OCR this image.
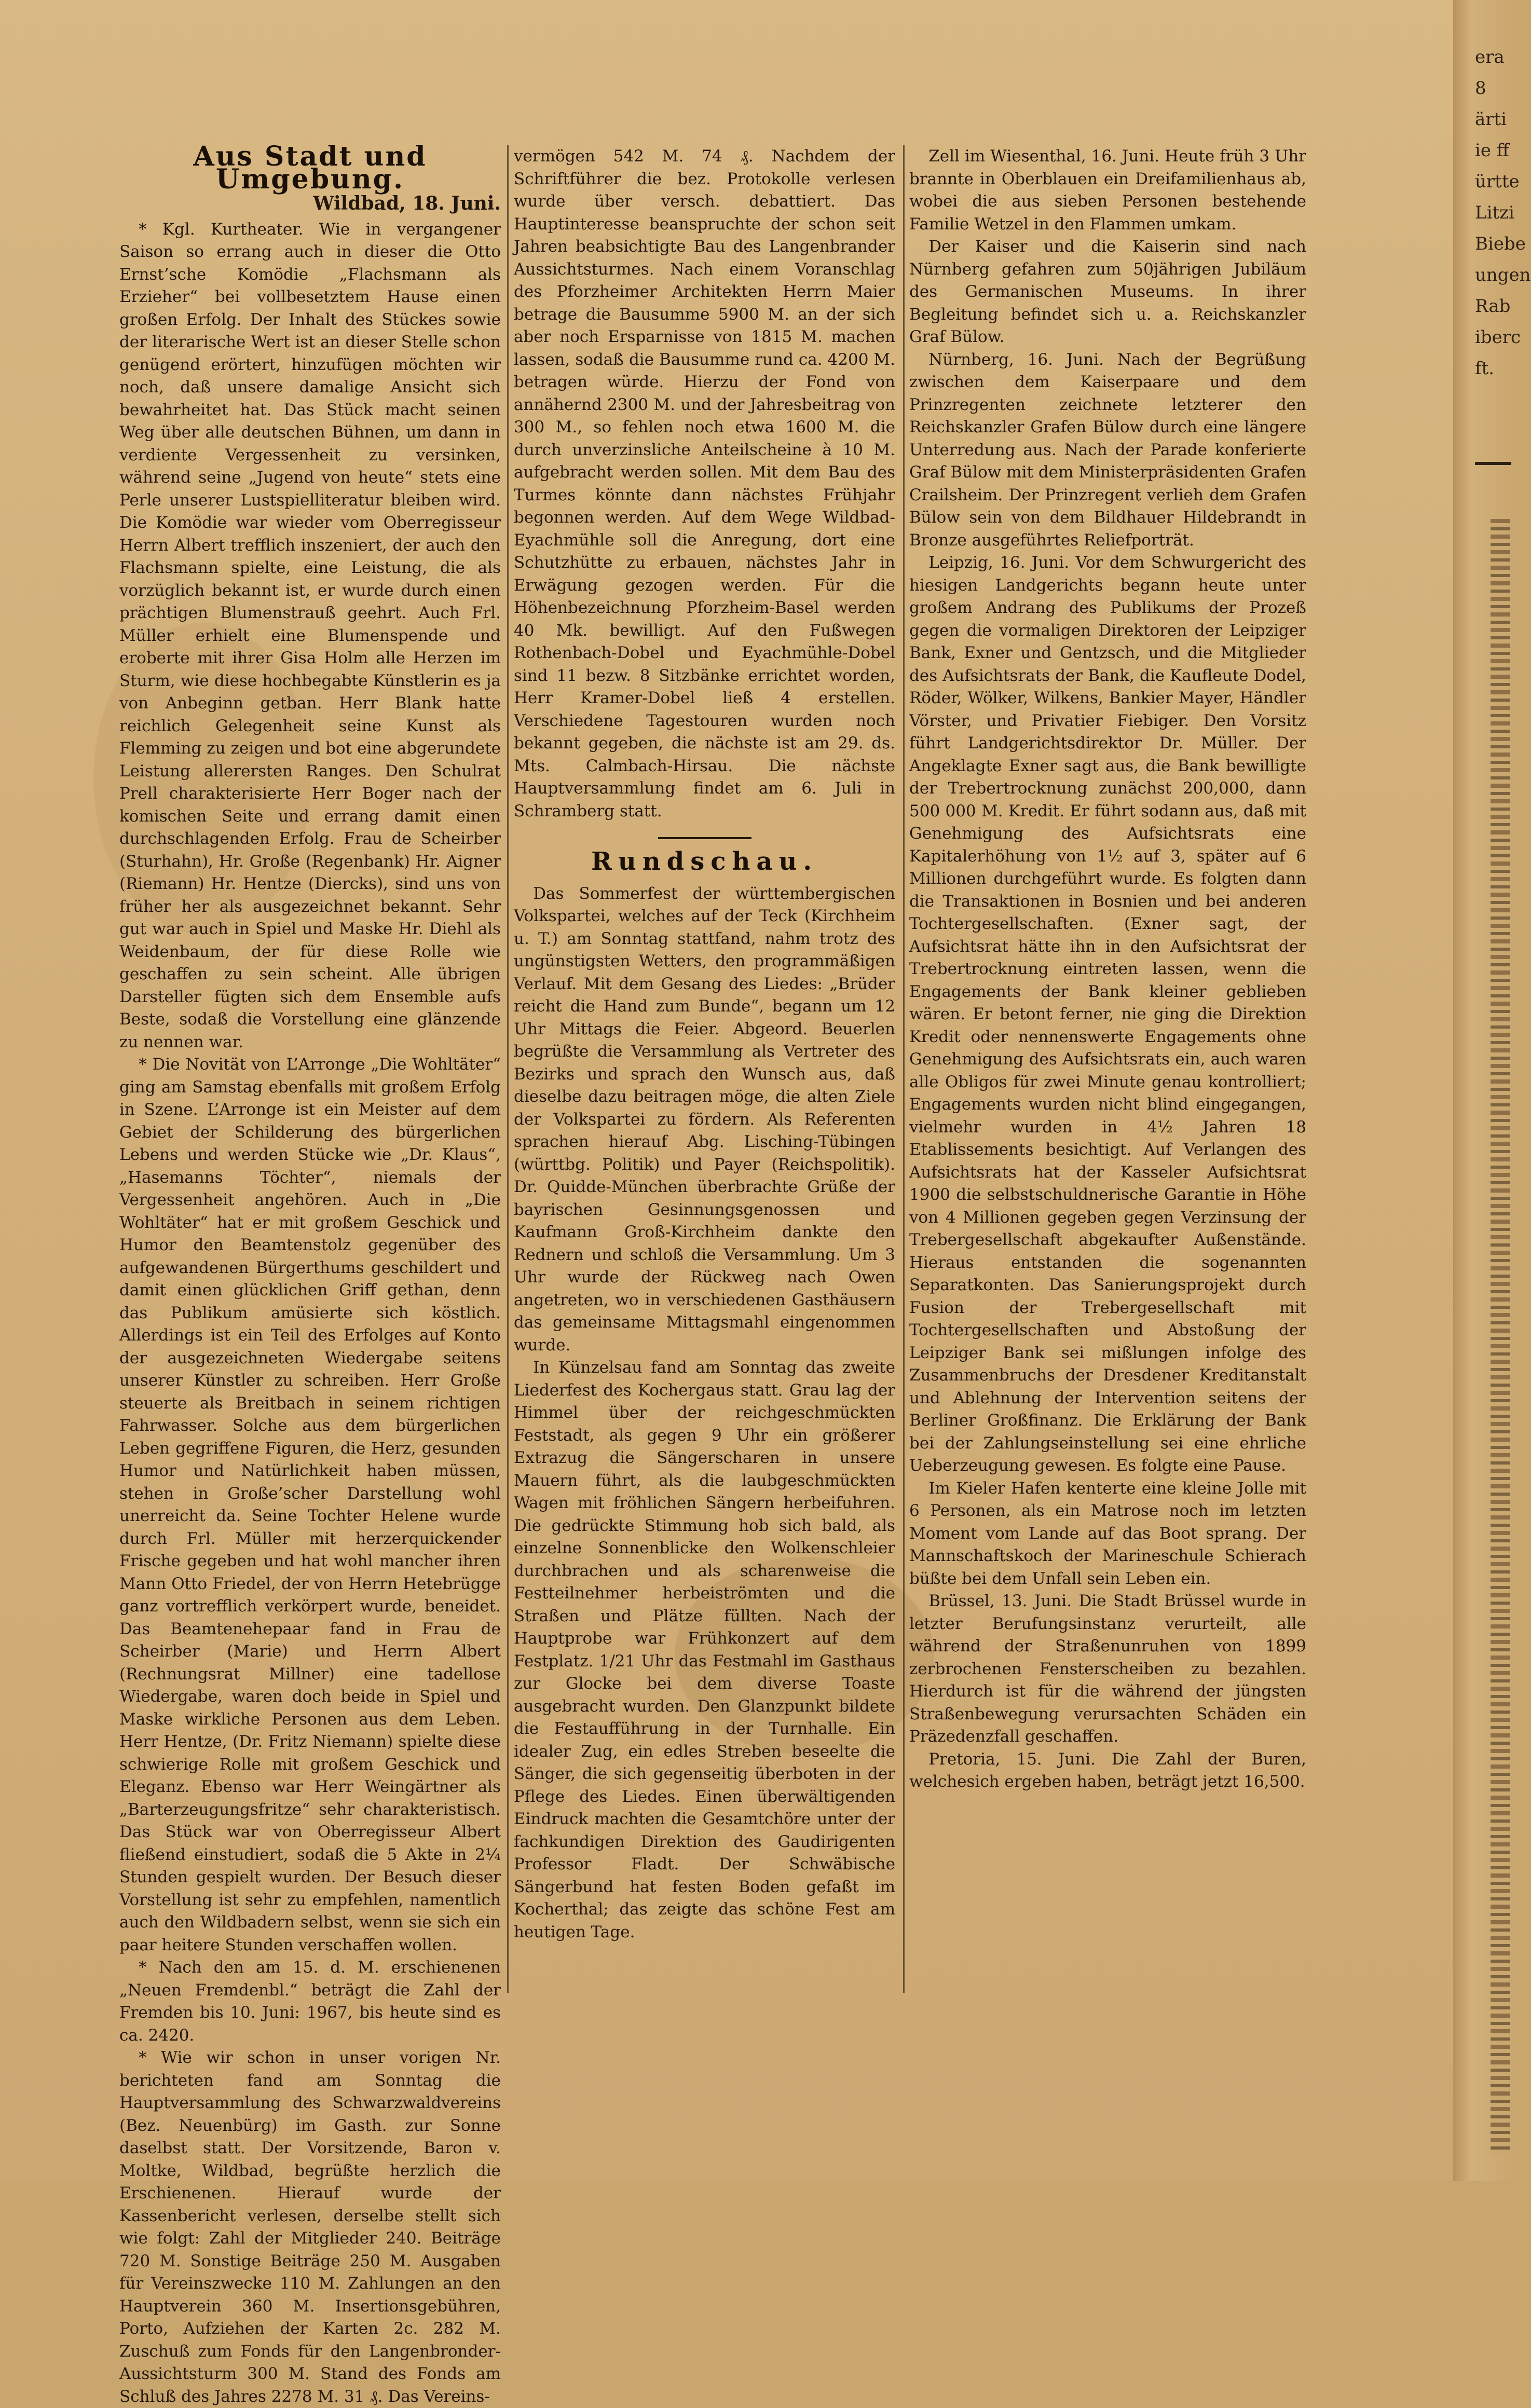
era
8
ärti
ie ff
ürtte
Litzi
Biebe
ungen
Rab
iberc
ft.
Aus Stadt und Umgebung.
Wildbad, 18. Juni.

* Kgl. Kurtheater. Wie in vergangener Saison so errang auch in dieser die Otto Ernst’sche Komödie „Flachsmann als Erzieher“ bei vollbesetztem Hause einen großen Erfolg. Der Inhalt des Stückes sowie der literarische Wert ist an dieser Stelle schon genügend erörtert, hinzufügen möchten wir noch, daß unsere damalige Ansicht sich bewahrheitet hat. Das Stück macht seinen Weg über alle deutschen Bühnen, um dann in verdiente Vergessenheit zu versinken, während seine „Jugend von heute“ stets eine Perle unserer Lustspielliteratur bleiben wird. Die Komödie war wieder vom Oberregisseur Herrn Albert trefflich inszeniert, der auch den Flachsmann spielte, eine Leistung, die als vorzüglich bekannt ist, er wurde durch einen prächtigen Blumenstrauß geehrt. Auch Frl. Müller erhielt eine Blumenspende und eroberte mit ihrer Gisa Holm alle Herzen im Sturm, wie diese hochbegabte Künstlerin es ja von Anbeginn getban. Herr Blank hatte reichlich Gelegenheit seine Kunst als Flemming zu zeigen und bot eine abgerundete Leistung allerersten Ranges. Den Schulrat Prell charakterisierte Herr Boger nach der komischen Seite und errang damit einen durchschlagenden Erfolg. Frau de Scheirber (Sturhahn), Hr. Große (Regenbank) Hr. Aigner (Riemann) Hr. Hentze (Diercks), sind uns von früher her als ausgezeichnet bekannt. Sehr gut war auch in Spiel und Maske Hr. Diehl als Weidenbaum, der für diese Rolle wie geschaffen zu sein scheint. Alle übrigen Darsteller fügten sich dem Ensemble aufs Beste, sodaß die Vorstellung eine glänzende zu nennen war.

* Die Novität von L’Arronge „Die Wohltäter“ ging am Samstag ebenfalls mit großem Erfolg in Szene. L’Arronge ist ein Meister auf dem Gebiet der Schilderung des bürgerlichen Lebens und werden Stücke wie „Dr. Klaus“, „Hasemanns Töchter“, niemals der Vergessenheit angehören. Auch in „Die Wohltäter“ hat er mit großem Geschick und Humor den Beamtenstolz gegenüber des aufgewandenen Bürgerthums geschildert und damit einen glücklichen Griff gethan, denn das Publikum amüsierte sich köstlich. Allerdings ist ein Teil des Erfolges auf Konto der ausgezeichneten Wiedergabe seitens unserer Künstler zu schreiben. Herr Große steuerte als Breitbach in seinem richtigen Fahrwasser. Solche aus dem bürgerlichen Leben gegriffene Figuren, die Herz, gesunden Humor und Natürlichkeit haben müssen, stehen in Große’scher Darstellung wohl unerreicht da. Seine Tochter Helene wurde durch Frl. Müller mit herzerquickender Frische gegeben und hat wohl mancher ihren Mann Otto Friedel, der von Herrn Hetebrügge ganz vortrefflich verkörpert wurde, beneidet. Das Beamtenehepaar fand in Frau de Scheirber (Marie) und Herrn Albert (Rechnungsrat Millner) eine tadellose Wiedergabe, waren doch beide in Spiel und Maske wirkliche Personen aus dem Leben. Herr Hentze, (Dr. Fritz Niemann) spielte diese schwierige Rolle mit großem Geschick und Eleganz. Ebenso war Herr Weingärtner als „Barterzeugungsfritze“ sehr charakteristisch. Das Stück war von Oberregisseur Albert fließend einstudiert, sodaß die 5 Akte in 2¼ Stunden gespielt wurden. Der Besuch dieser Vorstellung ist sehr zu empfehlen, namentlich auch den Wildbadern selbst, wenn sie sich ein paar heitere Stunden verschaffen wollen.

* Nach den am 15. d. M. erschienenen „Neuen Fremdenbl.“ beträgt die Zahl der Fremden bis 10. Juni: 1967, bis heute sind es ca. 2420.

* Wie wir schon in unser vorigen Nr. berichteten fand am Sonntag die Hauptversammlung des Schwarzwaldvereins (Bez. Neuenbürg) im Gasth. zur Sonne daselbst statt. Der Vorsitzende, Baron v. Moltke, Wildbad, begrüßte herzlich die Erschienenen. Hierauf wurde der Kassenbericht verlesen, derselbe stellt sich wie folgt: Zahl der Mitglieder 240. Beiträge 720 M. Sonstige Beiträge 250 M. Ausgaben für Vereinszwecke 110 M. Zahlungen an den Hauptverein 360 M. Insertionsgebühren, Porto, Aufziehen der Karten 2c. 282 M. Zuschuß zum Fonds für den Langenbronder-Aussichtsturm 300 M. Stand des Fonds am Schluß des Jahres 2278 M. 31 ₰. Das Vereins-

vermögen 542 M. 74 ₰. Nachdem der Schriftführer die bez. Protokolle verlesen wurde über versch. debattiert. Das Hauptinteresse beanspruchte der schon seit Jahren beabsichtigte Bau des Langenbrander Aussichtsturmes. Nach einem Voranschlag des Pforzheimer Architekten Herrn Maier betrage die Bausumme 5900 M. an der sich aber noch Ersparnisse von 1815 M. machen lassen, sodaß die Bausumme rund ca. 4200 M. betragen würde. Hierzu der Fond von annähernd 2300 M. und der Jahresbeitrag von 300 M., so fehlen noch etwa 1600 M. die durch unverzinsliche Anteilscheine à 10 M. aufgebracht werden sollen. Mit dem Bau des Turmes könnte dann nächstes Frühjahr begonnen werden. Auf dem Wege Wildbad-Eyachmühle soll die Anregung, dort eine Schutzhütte zu erbauen, nächstes Jahr in Erwägung gezogen werden. Für die Höhenbezeichnung Pforzheim-Basel werden 40 Mk. bewilligt. Auf den Fußwegen Rothenbach-Dobel und Eyachmühle-Dobel sind 11 bezw. 8 Sitzbänke errichtet worden, Herr Kramer-Dobel ließ 4 erstellen. Verschiedene Tagestouren wurden noch bekannt gegeben, die nächste ist am 29. ds. Mts. Calmbach-Hirsau. Die nächste Hauptversammlung findet am 6. Juli in Schramberg statt.

Rundschau.

Das Sommerfest der württembergischen Volkspartei, welches auf der Teck (Kirchheim u. T.) am Sonntag stattfand, nahm trotz des ungünstigsten Wetters, den programmäßigen Verlauf. Mit dem Gesang des Liedes: „Brüder reicht die Hand zum Bunde“, begann um 12 Uhr Mittags die Feier. Abgeord. Beuerlen begrüßte die Versammlung als Vertreter des Bezirks und sprach den Wunsch aus, daß dieselbe dazu beitragen möge, die alten Ziele der Volkspartei zu fördern. Als Referenten sprachen hierauf Abg. Lisching-Tübingen (württbg. Politik) und Payer (Reichspolitik). Dr. Quidde-München überbrachte Grüße der bayrischen Gesinnungsgenossen und Kaufmann Groß-Kirchheim dankte den Rednern und schloß die Versammlung. Um 3 Uhr wurde der Rückweg nach Owen angetreten, wo in verschiedenen Gasthäusern das gemeinsame Mittagsmahl eingenommen wurde.

In Künzelsau fand am Sonntag das zweite Liederfest des Kochergaus statt. Grau lag der Himmel über der reichgeschmückten Feststadt, als gegen 9 Uhr ein größerer Extrazug die Sängerscharen in unsere Mauern führt, als die laubgeschmückten Wagen mit fröhlichen Sängern herbeifuhren. Die gedrückte Stimmung hob sich bald, als einzelne Sonnenblicke den Wolkenschleier durchbrachen und als scharenweise die Festteilnehmer herbeiströmten und die Straßen und Plätze füllten. Nach der Hauptprobe war Frühkonzert auf dem Festplatz. 1/21 Uhr das Festmahl im Gasthaus zur Glocke bei dem diverse Toaste ausgebracht wurden. Den Glanzpunkt bildete die Festaufführung in der Turnhalle. Ein idealer Zug, ein edles Streben beseelte die Sänger, die sich gegenseitig überboten in der Pflege des Liedes. Einen überwältigenden Eindruck machten die Gesamtchöre unter der fachkundigen Direktion des Gaudirigenten Professor Fladt. Der Schwäbische Sängerbund hat festen Boden gefaßt im Kocherthal; das zeigte das schöne Fest am heutigen Tage.

Zell im Wiesenthal, 16. Juni. Heute früh 3 Uhr brannte in Oberblauen ein Dreifamilienhaus ab, wobei die aus sieben Personen bestehende Familie Wetzel in den Flammen umkam.

Der Kaiser und die Kaiserin sind nach Nürnberg gefahren zum 50jährigen Jubiläum des Germanischen Museums. In ihrer Begleitung befindet sich u. a. Reichskanzler Graf Bülow.

Nürnberg, 16. Juni. Nach der Begrüßung zwischen dem Kaiserpaare und dem Prinzregenten zeichnete letzterer den Reichskanzler Grafen Bülow durch eine längere Unterredung aus. Nach der Parade konferierte Graf Bülow mit dem Ministerpräsidenten Grafen Crailsheim. Der Prinzregent verlieh dem Grafen Bülow sein von dem Bildhauer Hildebrandt in Bronze ausgeführtes Reliefporträt.

Leipzig, 16. Juni. Vor dem Schwurgericht des hiesigen Landgerichts begann heute unter großem Andrang des Publikums der Prozeß gegen die vormaligen Direktoren der Leipziger Bank, Exner und Gentzsch, und die Mitglieder des Aufsichtsrats der Bank, die Kaufleute Dodel, Röder, Wölker, Wilkens, Bankier Mayer, Händler Vörster, und Privatier Fiebiger. Den Vorsitz führt Landgerichtsdirektor Dr. Müller. Der Angeklagte Exner sagt aus, die Bank bewilligte der Trebertrocknung zunächst 200,000, dann 500 000 M. Kredit. Er führt sodann aus, daß mit Genehmigung des Aufsichtsrats eine Kapitalerhöhung von 1½ auf 3, später auf 6 Millionen durchgeführt wurde. Es folgten dann die Transaktionen in Bosnien und bei anderen Tochtergesellschaften. (Exner sagt, der Aufsichtsrat hätte ihn in den Aufsichtsrat der Trebertrocknung eintreten lassen, wenn die Engagements der Bank kleiner geblieben wären. Er betont ferner, nie ging die Direktion Kredit oder nennenswerte Engagements ohne Genehmigung des Aufsichtsrats ein, auch waren alle Obligos für zwei Minute genau kontrolliert; Engagements wurden nicht blind eingegangen, vielmehr wurden in 4½ Jahren 18 Etablissements besichtigt. Auf Verlangen des Aufsichtsrats hat der Kasseler Aufsichtsrat 1900 die selbstschuldnerische Garantie in Höhe von 4 Millionen gegeben gegen Verzinsung der Trebergesellschaft abgekaufter Außenstände. Hieraus entstanden die sogenannten Separatkonten. Das Sanierungsprojekt durch Fusion der Trebergesellschaft mit Tochtergesellschaften und Abstoßung der Leipziger Bank sei mißlungen infolge des Zusammenbruchs der Dresdener Kreditanstalt und Ablehnung der Intervention seitens der Berliner Großfinanz. Die Erklärung der Bank bei der Zahlungseinstellung sei eine ehrliche Ueberzeugung gewesen. Es folgte eine Pause.

Im Kieler Hafen kenterte eine kleine Jolle mit 6 Personen, als ein Matrose noch im letzten Moment vom Lande auf das Boot sprang. Der Mannschaftskoch der Marineschule Schierach büßte bei dem Unfall sein Leben ein.

Brüssel, 13. Juni. Die Stadt Brüssel wurde in letzter Berufungsinstanz verurteilt, alle während der Straßenunruhen von 1899 zerbrochenen Fensterscheiben zu bezahlen. Hierdurch ist für die während der jüngsten Straßenbewegung verursachten Schäden ein Präzedenzfall geschaffen.

Pretoria, 15. Juni. Die Zahl der Buren, welchesich ergeben haben, beträgt jetzt 16,500.
